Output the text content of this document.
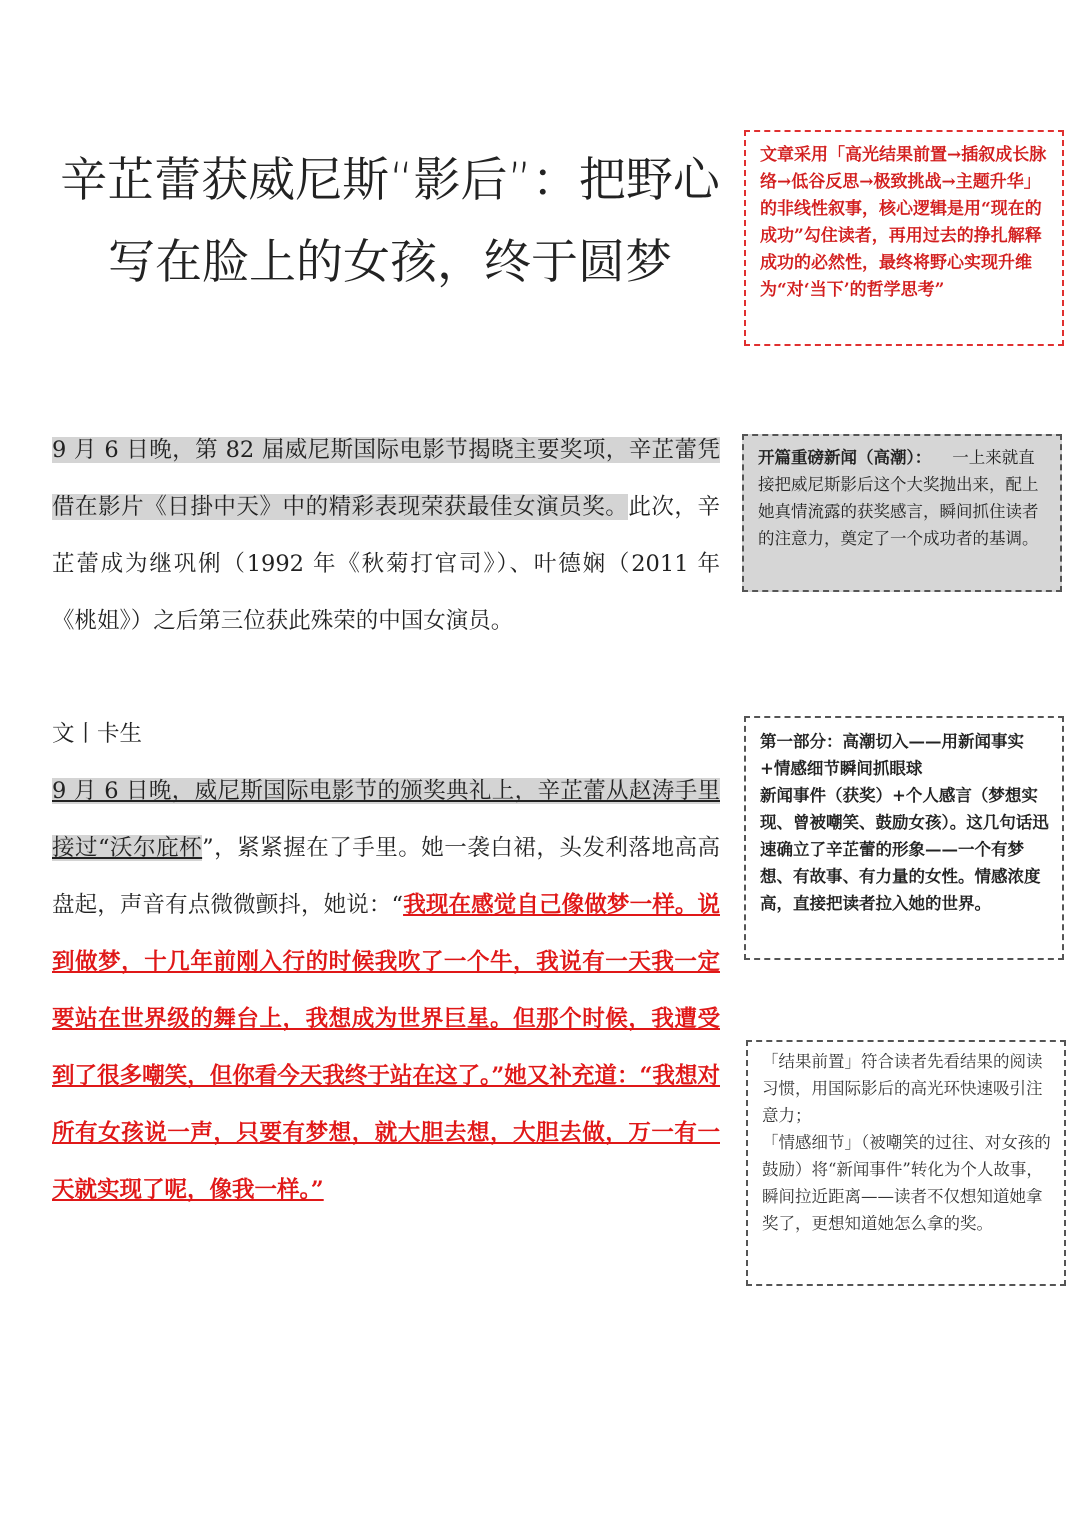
辛芷蕾获威尼斯“影后”：把野心写在脸上的女孩，终于圆梦
文章采用「高光结果前置→插叙成长脉络→低谷反思→极致挑战→主题升华」的非线性叙事，核心逻辑是用“现在的成功”勾住读者，再用过去的挣扎解释成功的必然性，最终将野心实现升维为“对‘当下’的哲学思考”
9 月 6 日晚，第 82 届威尼斯国际电影节揭晓主要奖项，辛芷蕾凭借在影片《日掛中天》中的精彩表现荣获最佳女演员奖。此次，辛芷蕾成为继巩俐（1992 年《秋菊打官司》）、叶德娴（2011 年《桃姐》）之后第三位获此殊荣的中国女演员。
开篇重磅新闻（高潮）： 一上来就直接把威尼斯影后这个大奖抛出来，配上她真情流露的获奖感言，瞬间抓住读者的注意力，奠定了一个成功者的基调。
文丨卡生	第一部分：高潮切入——用新闻事实+情感细节瞬间抓眼球
新闻事件（获奖）+个人感言（梦想实现、曾被嘲笑、鼓励女孩）。这几句话迅速确立了辛芷蕾的形象——一个有梦想、有故事、有力量的女性。情感浓度高，直接把读者拉入她的世界。
9 月 6 日晚，威尼斯国际电影节的颁奖典礼上，辛芷蕾从赵涛手里接过“沃尔庇杯”，紧紧握在了手里。她一袭白裙，头发利落地高高盘起，声音有点微微颤抖，她说：“我现在感觉自己像做梦一样。说到做梦，十几年前刚入行的时候我吹了一个牛，我说有一天我一定要站在世界级的舞台上，我想成为世界巨星。但那个时候，我遭受到了很多嘲笑，但你看今天我终于站在这了。”她又补充道：“我想对所有女孩说一声，只要有梦想，就大胆去想，大胆去做，万一有一天就实现了呢，像我一样。”
「结果前置」符合读者先看结果的阅读习惯，用国际影后的高光环快速吸引注意力；
「情感细节」（被嘲笑的过往、对女孩的鼓励）将“新闻事件”转化为个人故事，瞬间拉近距离——读者不仅想知道她拿奖了，更想知道她怎么拿的奖。
